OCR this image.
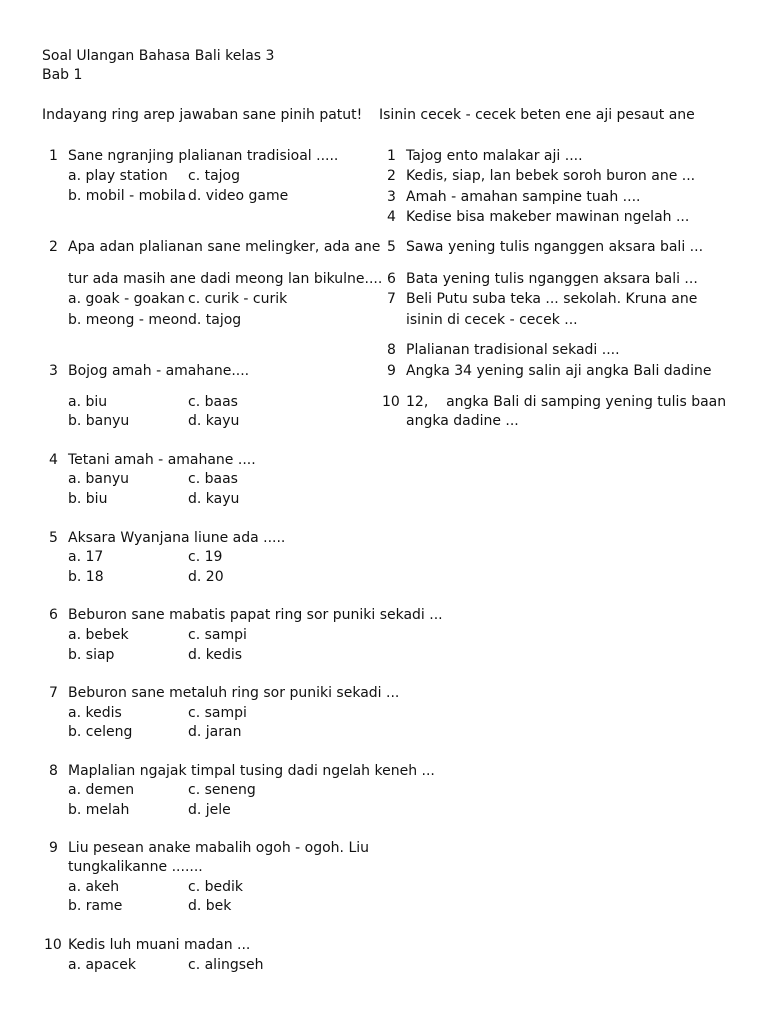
Soal Ulangan Bahasa Bali kelas 3
Bab 1
Indayang ring arep jawaban sane pinih patut!
1 Sane ngranjing plalianan tradisioal .....
a. play station c. tajog
b. mobil - mobila d. video game
2 Apa adan plalianan sane melingker, ada ane
tur ada masih ane dadi meong lan bikulne....
a. goak - goakan c. curik - curik
b. meong - meon d. tajog
3 Bojog amah - amahane....
a. biu	c. baas
b. banyu	d. kayu
4 Tetani amah - amahane ....
a. banyu	c. baas
b. biu	d. kayu
5 Aksara Wyanjana liune ada .....
a. 17	c. 19
b. 18	d. 20
6 Beburon sane mabatis papat ring sor puniki sekadi ...
a. bebek	c. sampi
b. siap	d. kedis
7 Beburon sane metaluh ring sor puniki sekadi ...
a. kedis	c. sampi
b. celeng	d. jaran
8 Maplalian ngajak timpal tusing dadi ngelah keneh ...
a. demen	c. seneng
b. melah	d. jele
9 Liu pesean anake mabalih ogoh - ogoh. Liu
tungkalikanne .......
a. akeh	c. bedik
b. rame	d. bek
10 Kedis luh muani madan ...
a. apacek	c. alingseh
Isinin cecek - cecek beten ene aji pesaut ane
1 Tajog ento malakar aji ....
2 Kedis, siap, lan bebek soroh buron ane ...
3 Amah - amahan sampine tuah ....
4 Kedise bisa makeber mawinan ngelah ...
5 Sawa yening tulis nganggen aksara bali ...
6 Bata yening tulis nganggen aksara bali ...
7 Beli Putu suba teka ... sekolah. Kruna ane
isinin di cecek - cecek ...
8 Plalianan tradisional sekadi ....
9 Angka 34 yening salin aji angka Bali dadine
10 12,    angka Bali di samping yening tulis baan
angka dadine ...
